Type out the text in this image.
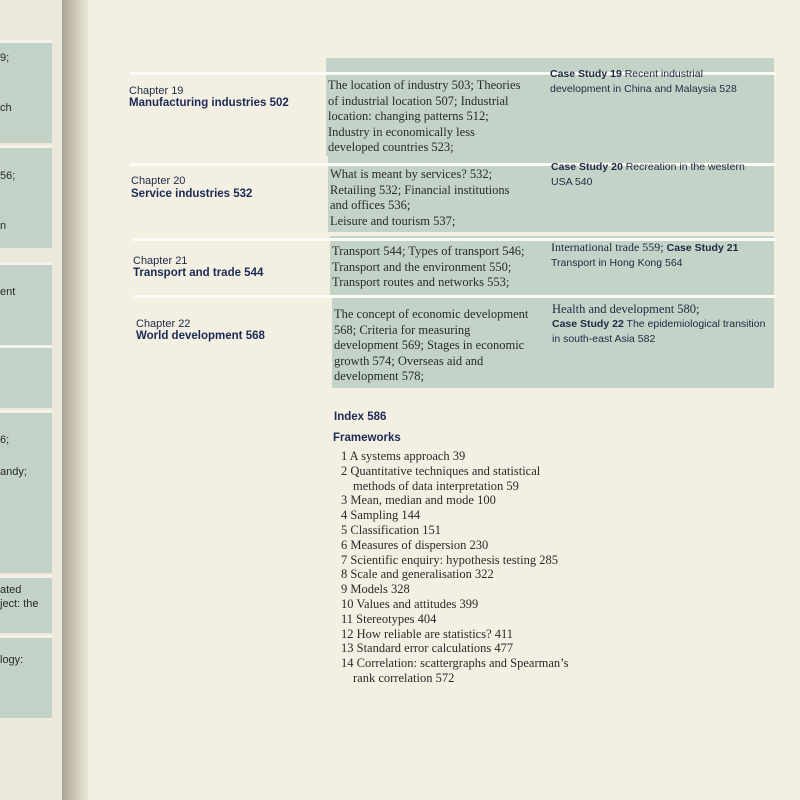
9;
ch
56;
n
ent
6;
andy;
ated
ject: the
logy:
Chapter 19
Manufacturing industries 502
The location of industry 503; Theories
of industrial location 507; Industrial
location: changing patterns 512;
Industry in economically less
developed countries 523;
Case Study 19 Recent industrial development in China and Malaysia 528
Chapter 20
Service industries 532
What is meant by services? 532;
Retailing 532; Financial institutions
and offices 536;
Leisure and tourism 537;
Case Study 20 Recreation in the western USA 540
Chapter 21
Transport and trade 544
Transport 544; Types of transport 546;
Transport and the environment 550;
Transport routes and networks 553;
International trade 559; Case Study 21 Transport in Hong Kong 564
Chapter 22
World development 568
The concept of economic development
568; Criteria for measuring
development 569; Stages in economic
growth 574; Overseas aid and
development 578;
Health and development 580;
Case Study 22 The epidemiological transition in south-east Asia 582
Index 586
Frameworks
1 A systems approach 39
2 Quantitative techniques and statistical
methods of data interpretation 59
3 Mean, median and mode 100
4 Sampling 144
5 Classification 151
6 Measures of dispersion 230
7 Scientific enquiry: hypothesis testing 285
8 Scale and generalisation 322
9 Models 328
10 Values and attitudes 399
11 Stereotypes 404
12 How reliable are statistics? 411
13 Standard error calculations 477
14 Correlation: scattergraphs and Spearman’s
rank correlation 572
